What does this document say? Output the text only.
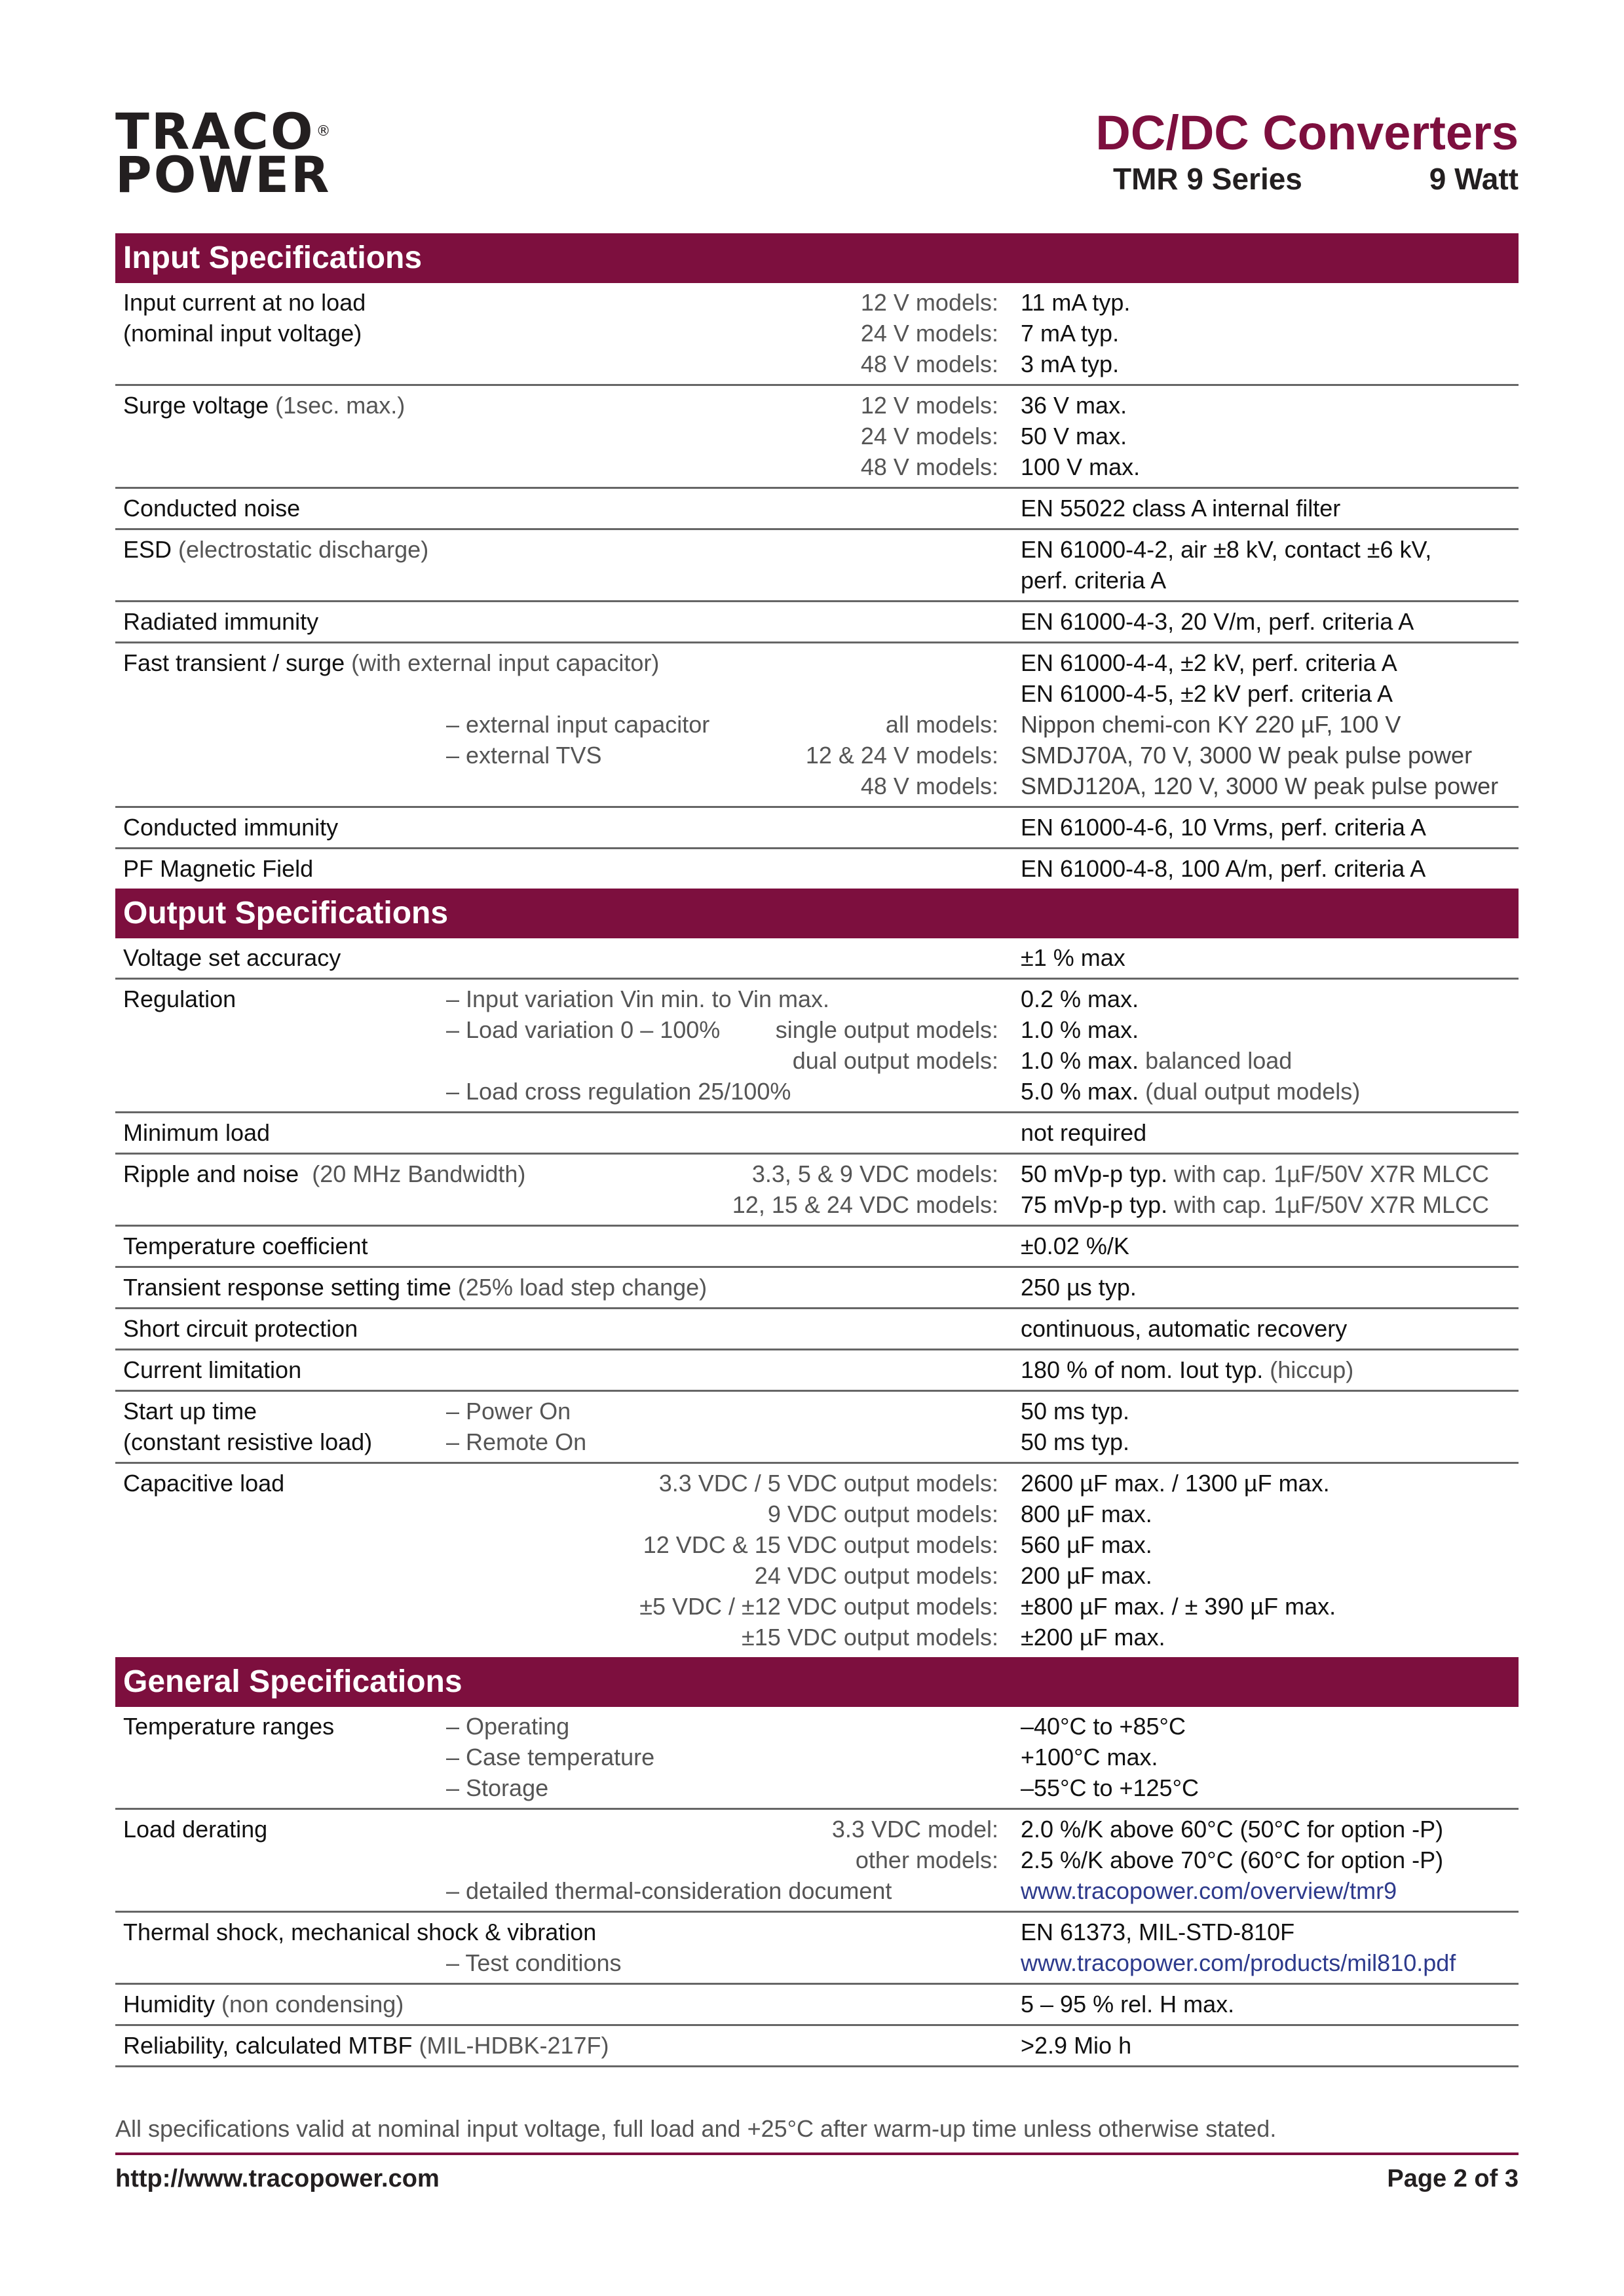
TRACO®
POWER
DC/DC Converters
TMR 9 Series	9 Watt
Input Specifications
Input current at no load	12 V models: 11 mA typ.
(nominal input voltage)	24 V models: 7 mA typ.
48 V models: 3 mA typ.
Surge voltage (1sec. max.)	12 V models: 36 V max.
24 V models: 50 V max.
48 V models: 100 V max.
Conducted noise	EN 55022 class A internal filter
ESD (electrostatic discharge)	EN 61000-4-2, air ±8 kV, contact ±6 kV,
perf. criteria A
Radiated immunity	EN 61000-4-3, 20 V/m, perf. criteria A
Fast transient / surge (with external input capacitor)	EN 61000-4-4, ±2 kV, perf. criteria A
EN 61000-4-5, ±2 kV perf. criteria A
– external input capacitor	all models: Nippon chemi-con KY 220 µF, 100 V
– external TVS	12 & 24 V models: SMDJ70A, 70 V, 3000 W peak pulse power
48 V models: SMDJ120A, 120 V, 3000 W peak pulse power
Conducted immunity	EN 61000-4-6, 10 Vrms, perf. criteria A
PF Magnetic Field	EN 61000-4-8, 100 A/m, perf. criteria A
Output Specifications
Voltage set accuracy	±1 % max
Regulation	– Input variation Vin min. to Vin max.	0.2 % max.
– Load variation 0 – 100% single output models: 1.0 % max.
dual output models: 1.0 % max. balanced load
– Load cross regulation 25/100%	5.0 % max. (dual output models)
Minimum load	not required
Ripple and noise (20 MHz Bandwidth)	3.3, 5 & 9 VDC models: 50 mVp-p typ. with cap. 1µF/50V X7R MLCC
12, 15 & 24 VDC models: 75 mVp-p typ. with cap. 1µF/50V X7R MLCC
Temperature coefficient	±0.02 %/K
Transient response setting time (25% load step change)	250 µs typ.
Short circuit protection	continuous, automatic recovery
Current limitation	180 % of nom. Iout typ. (hiccup)
Start up time	– Power On	50 ms typ.
(constant resistive load)	– Remote On	50 ms typ.
Capacitive load	3.3 VDC / 5 VDC output models: 2600 µF max. / 1300 µF max.
9 VDC output models: 800 µF max.
12 VDC & 15 VDC output models: 560 µF max.
24 VDC output models: 200 µF max.
±5 VDC / ±12 VDC output models: ±800 µF max. / ± 390 µF max.
±15 VDC output models: ±200 µF max.
General Specifications
Temperature ranges	– Operating	–40°C to +85°C
– Case temperature	+100°C max.
– Storage	–55°C to +125°C
Load derating	3.3 VDC model: 2.0 %/K above 60°C (50°C for option -P)
other models: 2.5 %/K above 70°C (60°C for option -P)
– detailed thermal-consideration document	www.tracopower.com/overview/tmr9
Thermal shock, mechanical shock & vibration	EN 61373, MIL-STD-810F
– Test conditions	www.tracopower.com/products/mil810.pdf
Humidity (non condensing)	5 – 95 % rel. H max.
Reliability, calculated MTBF (MIL-HDBK-217F)	>2.9 Mio h
All specifications valid at nominal input voltage, full load and +25°C after warm-up time unless otherwise stated.
http://www.tracopower.com	Page 2 of 3
